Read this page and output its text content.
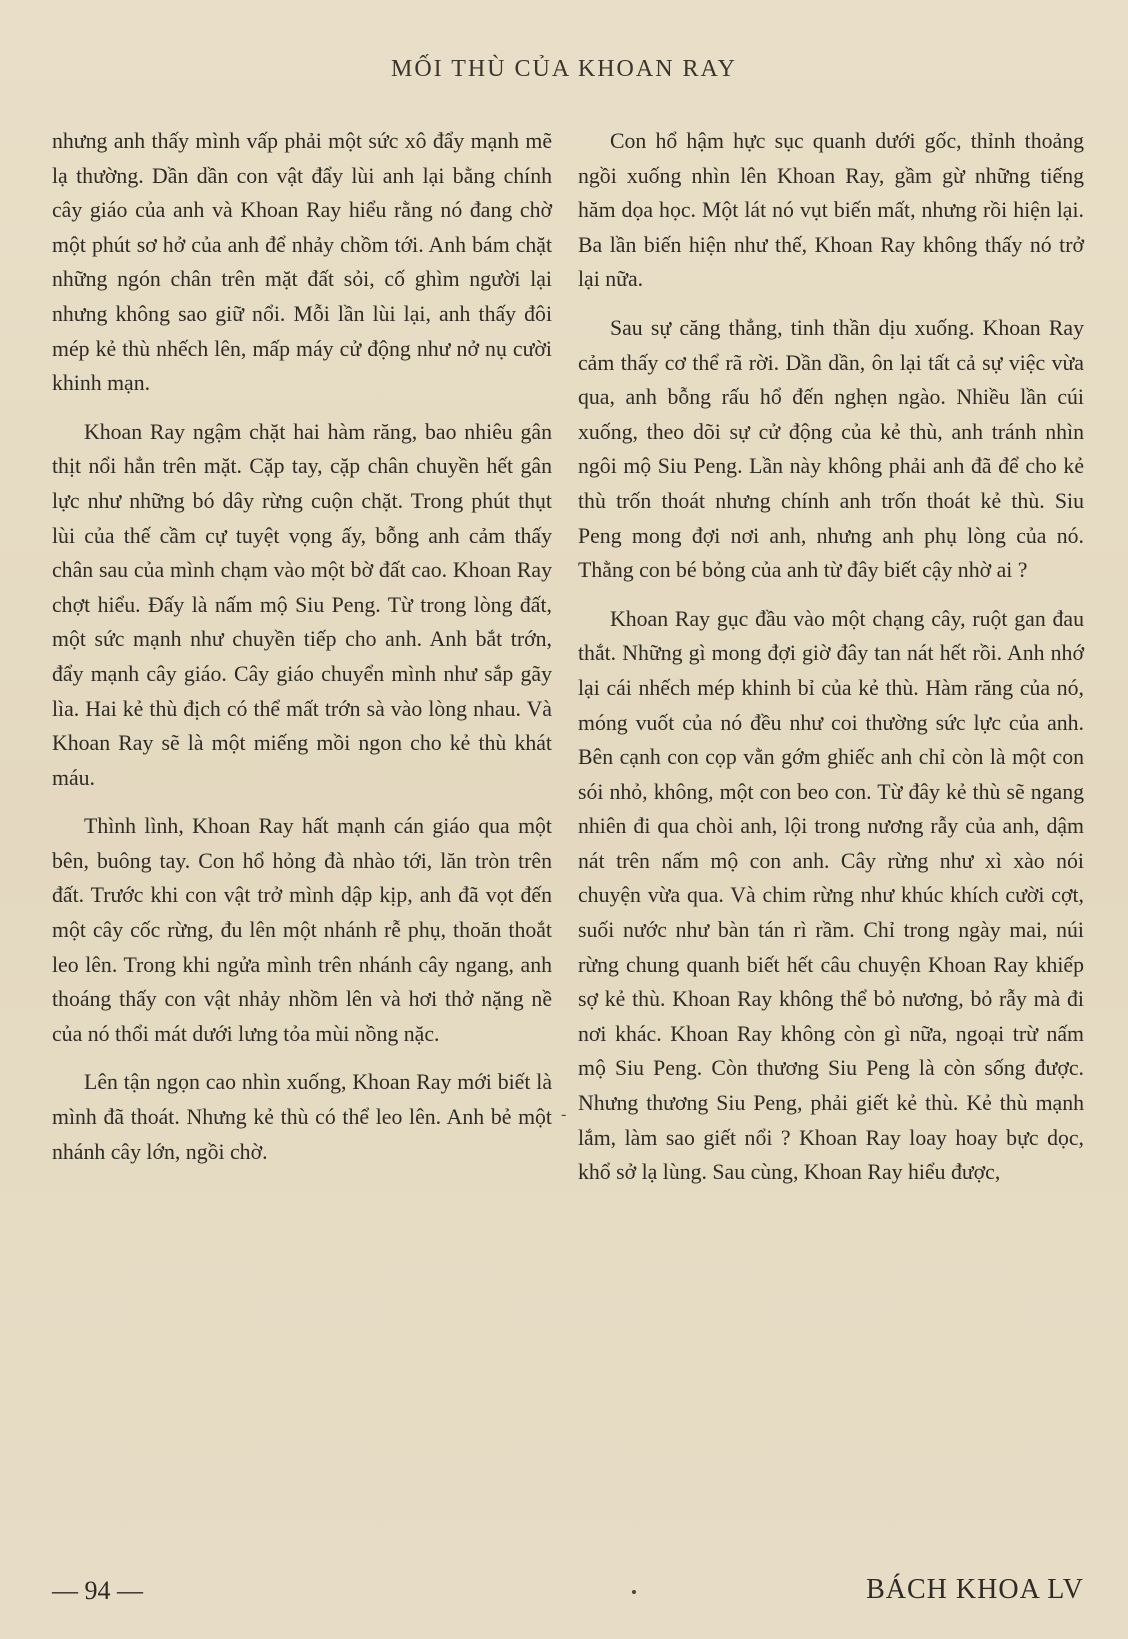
MỐI THÙ CỦA KHOAN RAY

nhưng anh thấy mình vấp phải một sức xô đẩy mạnh mẽ lạ thường. Dần dần con vật đẩy lùi anh lại bằng chính cây giáo của anh và Khoan Ray hiểu rằng nó đang chờ một phút sơ hở của anh để nhảy chồm tới. Anh bám chặt những ngón chân trên mặt đất sỏi, cố ghìm người lại nhưng không sao giữ nổi. Mỗi lần lùi lại, anh thấy đôi mép kẻ thù nhếch lên, mấp máy cử động như nở nụ cười khinh mạn.

Khoan Ray ngậm chặt hai hàm răng, bao nhiêu gân thịt nổi hẳn trên mặt. Cặp tay, cặp chân chuyền hết gân lực như những bó dây rừng cuộn chặt. Trong phút thụt lùi của thế cầm cự tuyệt vọng ấy, bỗng anh cảm thấy chân sau của mình chạm vào một bờ đất cao. Khoan Ray chợt hiểu. Đấy là nấm mộ Siu Peng. Từ trong lòng đất, một sức mạnh như chuyền tiếp cho anh. Anh bắt trớn, đẩy mạnh cây giáo. Cây giáo chuyển mình như sắp gãy lìa. Hai kẻ thù địch có thể mất trớn sà vào lòng nhau. Và Khoan Ray sẽ là một miếng mồi ngon cho kẻ thù khát máu.

Thình lình, Khoan Ray hất mạnh cán giáo qua một bên, buông tay. Con hổ hỏng đà nhào tới, lăn tròn trên đất. Trước khi con vật trở mình dập kịp, anh đã vọt đến một cây cốc rừng, đu lên một nhánh rễ phụ, thoăn thoắt leo lên. Trong khi ngửa mình trên nhánh cây ngang, anh thoáng thấy con vật nhảy nhồm lên và hơi thở nặng nề của nó thổi mát dưới lưng tỏa mùi nồng nặc.

Lên tận ngọn cao nhìn xuống, Khoan Ray mới biết là mình đã thoát. Nhưng kẻ thù có thể leo lên. Anh bẻ một nhánh cây lớn, ngồi chờ.

Con hổ hậm hực sục quanh dưới gốc, thỉnh thoảng ngồi xuống nhìn lên Khoan Ray, gầm gừ những tiếng hăm dọa học. Một lát nó vụt biến mất, nhưng rồi hiện lại. Ba lần biến hiện như thế, Khoan Ray không thấy nó trở lại nữa.

Sau sự căng thẳng, tinh thần dịu xuống. Khoan Ray cảm thấy cơ thể rã rời. Dần dần, ôn lại tất cả sự việc vừa qua, anh bỗng rấu hổ đến nghẹn ngào. Nhiều lần cúi xuống, theo dõi sự cử động của kẻ thù, anh tránh nhìn ngôi mộ Siu Peng. Lần này không phải anh đã để cho kẻ thù trốn thoát nhưng chính anh trốn thoát kẻ thù. Siu Peng mong đợi nơi anh, nhưng anh phụ lòng của nó. Thằng con bé bỏng của anh từ đây biết cậy nhờ ai ?

Khoan Ray gục đầu vào một chạng cây, ruột gan đau thắt. Những gì mong đợi giờ đây tan nát hết rồi. Anh nhớ lại cái nhếch mép khinh bỉ của kẻ thù. Hàm răng của nó, móng vuốt của nó đều như coi thường sức lực của anh. Bên cạnh con cọp vằn gớm ghiếc anh chỉ còn là một con sói nhỏ, không, một con beo con. Từ đây kẻ thù sẽ ngang nhiên đi qua chòi anh, lội trong nương rẫy của anh, dậm nát trên nấm mộ con anh. Cây rừng như xì xào nói chuyện vừa qua. Và chim rừng như khúc khích cười cợt, suối nước như bàn tán rì rầm. Chỉ trong ngày mai, núi rừng chung quanh biết hết câu chuyện Khoan Ray khiếp sợ kẻ thù. Khoan Ray không thể bỏ nương, bỏ rẫy mà đi nơi khác. Khoan Ray không còn gì nữa, ngoại trừ nấm mộ Siu Peng. Còn thương Siu Peng là còn sống được. Nhưng thương Siu Peng, phải giết kẻ thù. Kẻ thù mạnh lắm, làm sao giết nổi ? Khoan Ray loay hoay bực dọc, khổ sở lạ lùng. Sau cùng, Khoan Ray hiểu được,

-
— 94 —	BÁCH KHOA LV
